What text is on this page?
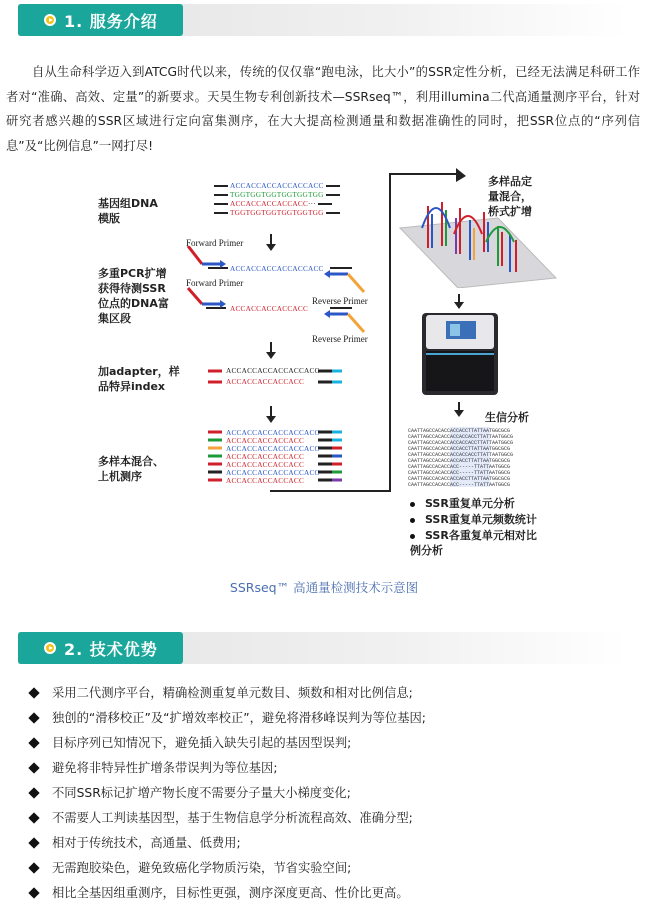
1. 服务介绍
自从生命科学迈入到ATCG时代以来，传统的仅仅靠“跑电泳，比大小”的SSR定性分析，已经无法满足科研工作者对“准确、高效、定量”的新要求。天昊生物专利创新技术—SSRseq™，利用illumina二代高通量测序平台，针对研究者感兴趣的SSR区域进行定向富集测序，在大大提高检测通量和数据准确性的同时，把SSR位点的“序列信息”及“比例信息”一网打尽!
基因组DNA
模版
多重PCR扩增
获得待测SSR
位点的DNA富
集区段
加adapter，样
品特异index
多样本混合、
上机测序
ACCACCACCACCACCACC
TGGTGGTGGTGGTGGTGG
ACCACCACCACCACC···
TGGTGGTGGTGGTGGTGG
Forward Primer
Forward Primer
Reverse Primer
Reverse Primer
ACCACCACCACCACCACC
ACCACCACCACCACC
ACCACCACCACCACCACC
ACCACCACCACCACC
ACCACCACCACCACCACC
ACCACCACCACCACC
ACCACCACCACCACCACC
ACCACCACCACCACC
ACCACCACCACCACC
ACCACCACCACCACCACC
ACCACCACCACCACC
多样品定
量混合，
桥式扩增
生信分析
CAATTAGCCACACCACCACCTTATTAATGGCGCG
CAATTAGCCACACCACCACCACCTTATTAATGGCG
CAATTAGCCACACCACCACCACCTTATTAATGGCG
CAATTAGCCACACCACCACCTTATTAATGGCGCG
CAATTAGCCACACCACCACCACCTTATTAATGGCG
CAATTAGCCACACCACCACCTTATTAATGGCGCG
CAATTAGCCACACCACC-----TTATTAATGGCG
CAATTAGCCACACCACC-----TTATTAATGGCG
CAATTAGCCACACCACCACCTTATTAATGGCGCG
CAATTAGCCACACCACC-----TTATTAATGGCG
SSR重复单元分析
SSR重复单元频数统计
SSR各重复单元相对比
例分析
SSRseq™ 高通量检测技术示意图
2. 技术优势
采用二代测序平台，精确检测重复单元数目、频数和相对比例信息;
独创的“滑移校正”及“扩增效率校正”，避免将滑移峰误判为等位基因;
目标序列已知情况下，避免插入缺失引起的基因型误判;
避免将非特异性扩增条带误判为等位基因;
不同SSR标记扩增产物长度不需要分子量大小梯度变化;
不需要人工判读基因型，基于生物信息学分析流程高效、准确分型;
相对于传统技术，高通量、低费用;
无需跑胶染色，避免致癌化学物质污染，节省实验空间;
相比全基因组重测序，目标性更强，测序深度更高、性价比更高。
